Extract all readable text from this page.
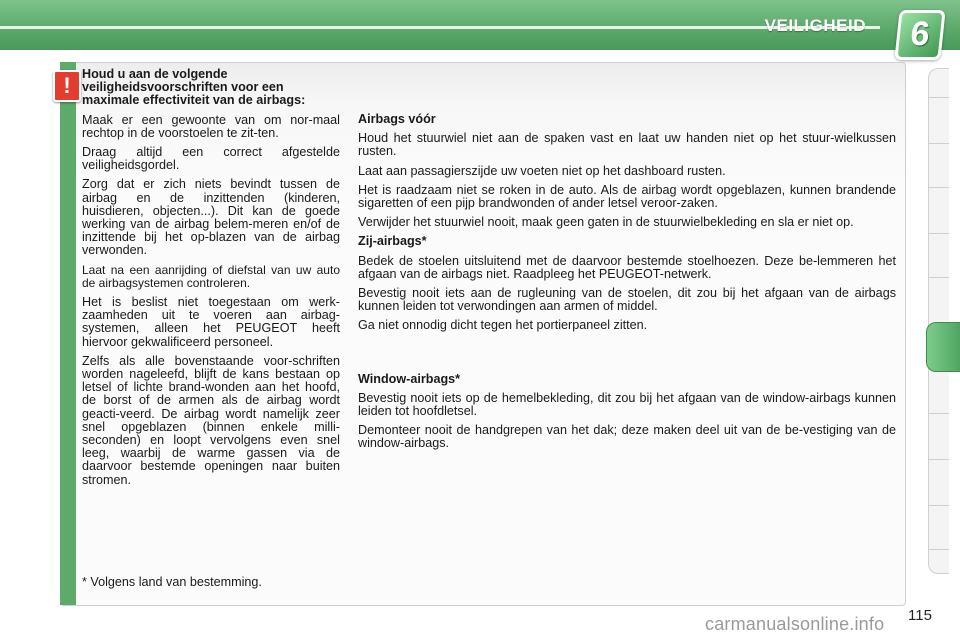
VEILIGHEID	6
! Houd u aan de volgende veiligheidsvoorschriften voor een maximale effectiviteit van de airbags:

Maak er een gewoonte van om nor-maal rechtop in de voorstoelen te zit-ten.

Draag altijd een correct afgestelde veiligheidsgordel.

Zorg dat er zich niets bevindt tussen de airbag en de inzittenden (kinderen, huisdieren, objecten...). Dit kan de goede werking van de airbag belem-meren en/of de inzittende bij het op-blazen van de airbag verwonden.

Laat na een aanrijding of diefstal van uw auto de airbagsystemen controleren.

Het is beslist niet toegestaan om werk-zaamheden uit te voeren aan airbag-systemen, alleen het PEUGEOT heeft hiervoor gekwalificeerd personeel.

Zelfs als alle bovenstaande voor-schriften worden nageleefd, blijft de kans bestaan op letsel of lichte brand-wonden aan het hoofd, de borst of de armen als de airbag wordt geacti-veerd. De airbag wordt namelijk zeer snel opgeblazen (binnen enkele milli-seconden) en loopt vervolgens even snel leeg, waarbij de warme gassen via de daarvoor bestemde openingen naar buiten stromen.

* Volgens land van bestemming.

Airbags vóór

Houd het stuurwiel niet aan de spaken vast en laat uw handen niet op het stuur-wielkussen rusten.

Laat aan passagierszijde uw voeten niet op het dashboard rusten.

Het is raadzaam niet se roken in de auto. Als de airbag wordt opgeblazen, kunnen brandende sigaretten of een pijp brandwonden of ander letsel veroor-zaken.

Verwijder het stuurwiel nooit, maak geen gaten in de stuurwielbekleding en sla er niet op.

Zij-airbags*

Bedek de stoelen uitsluitend met de daarvoor bestemde stoelhoezen. Deze be-lemmeren het afgaan van de airbags niet. Raadpleeg het PEUGEOT-netwerk.

Bevestig nooit iets aan de rugleuning van de stoelen, dit zou bij het afgaan van de airbags kunnen leiden tot verwondingen aan armen of middel.

Ga niet onnodig dicht tegen het portierpaneel zitten.

Window-airbags*

Bevestig nooit iets op de hemelbekleding, dit zou bij het afgaan van de window-airbags kunnen leiden tot hoofdletsel.

Demonteer nooit de handgrepen van het dak; deze maken deel uit van de be-vestiging van de window-airbags.

115
carmanualsonline.info
